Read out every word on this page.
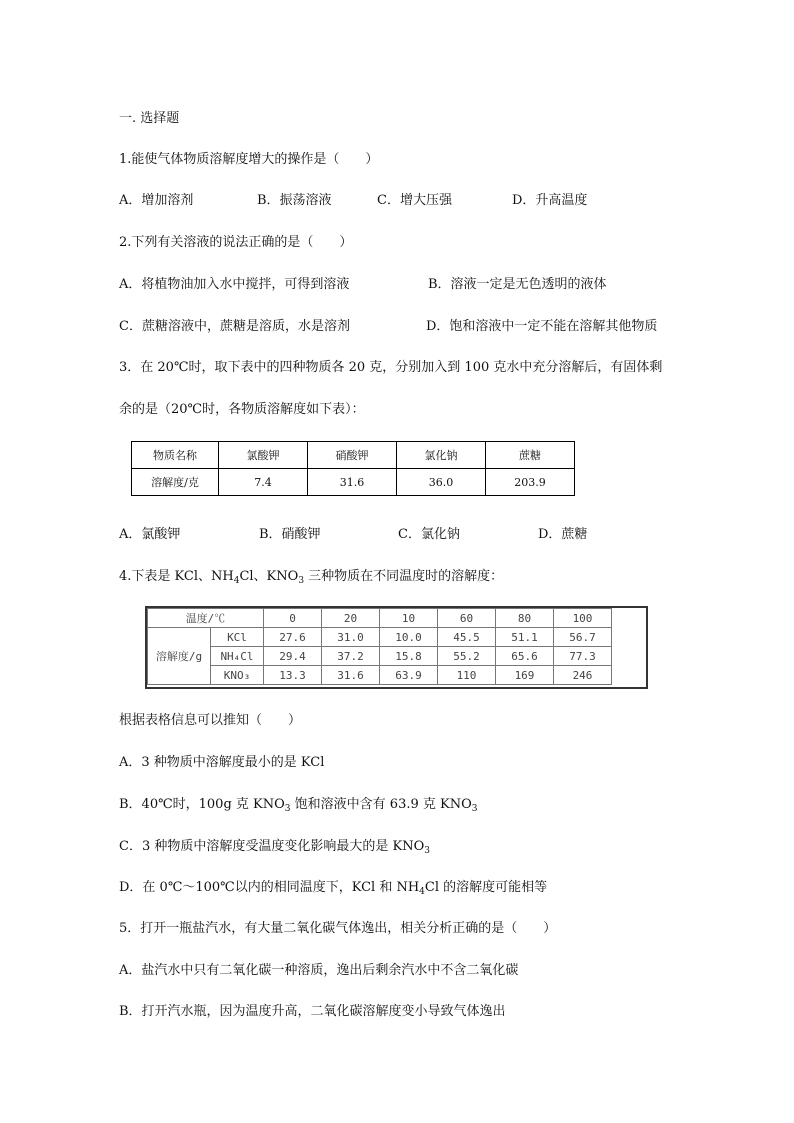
一. 选择题
1.能使气体物质溶解度增大的操作是（　　）
A．增加溶剂	B．振荡溶液	C．增大压强	D．升高温度
2.下列有关溶液的说法正确的是（　　）
A．将植物油加入水中搅拌，可得到溶液	B．溶液一定是无色透明的液体
C．蔗糖溶液中，蔗糖是溶质，水是溶剂	D．饱和溶液中一定不能在溶解其他物质
3．在 20℃时，取下表中的四种物质各 20 克，分别加入到 100 克水中充分溶解后，有固体剩
余的是（20℃时，各物质溶解度如下表）：
物质名称	氯酸钾	硝酸钾	氯化钠	蔗糖
溶解度/克	7.4	31.6	36.0	203.9
A．氯酸钾	B．硝酸钾	C．氯化钠	D．蔗糖
4.下表是 KCl、$NH_4Cl$、$KNO_3$ 三种物质在不同温度时的溶解度：
温度/℃		0	20	10	60	80	100
溶解度/g	KCl	27.6	31.0	10.0	45.5	51.1	56.7
	NH₄Cl	29.4	37.2	15.8	55.2	65.6	77.3
	KNO₃	13.3	31.6	63.9	110	169	246
根据表格信息可以推知（　　）
A．3 种物质中溶解度最小的是 KCl
B．40℃时，100g 克 $KNO_3$ 饱和溶液中含有 63.9 克 $KNO_3$
C．3 种物质中溶解度受温度变化影响最大的是 $KNO_3$
D．在 0℃～100℃以内的相同温度下，KCl 和 $NH_4Cl$ 的溶解度可能相等
5．打开一瓶盐汽水，有大量二氧化碳气体逸出，相关分析正确的是（　　）
A．盐汽水中只有二氧化碳一种溶质，逸出后剩余汽水中不含二氧化碳
B．打开汽水瓶，因为温度升高，二氧化碳溶解度变小导致气体逸出
